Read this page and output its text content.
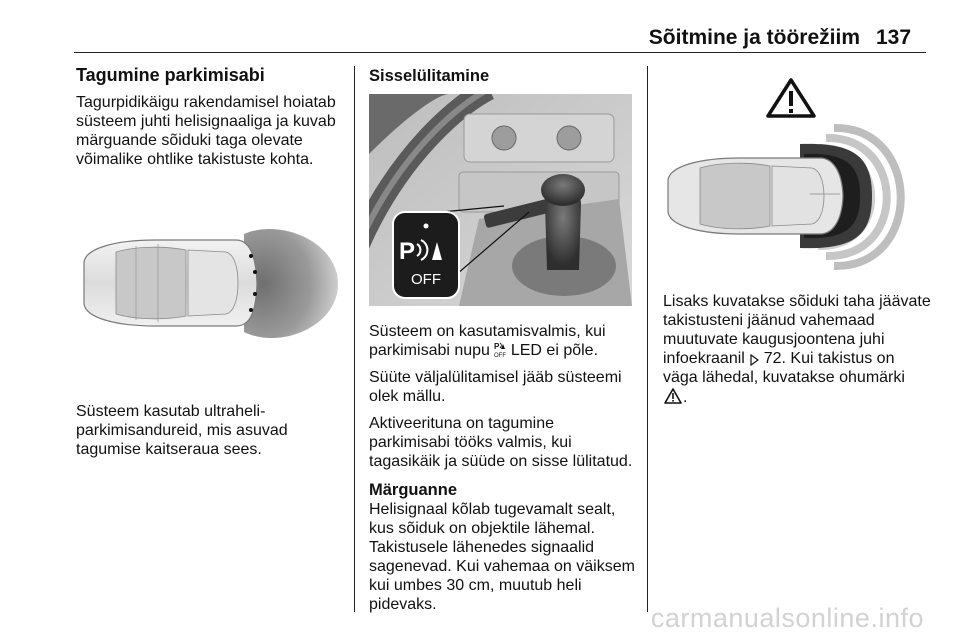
Sõitmine ja töörežiim 137
Tagumine parkimisabi

Tagurpidikäigu rakendamisel hoiatab
süsteem juhti helisignaaliga ja kuvab
märguande sõiduki taga olevate
võimalike ohtlike takistuste kohta.

Süsteem kasutab ultraheli-
parkimisandureid, mis asuvad
tagumise kaitseraua sees.

Sisselülitamine
P
OFF

Süsteem on kasutamisvalmis, kui
parkimisabi nupu P
OFF LED ei põle.

Süüte väljalülitamisel jääb süsteemi
olek mällu.

Aktiveerituna on tagumine
parkimisabi tööks valmis, kui
tagasikäik ja süüde on sisse lülitatud.

Märguanne

Helisignaal kõlab tugevamalt sealt,
kus sõiduk on objektile lähemal.
Takistusele lähenedes signaalid
sagenevad. Kui vahemaa on väiksem
kui umbes 30 cm, muutub heli
pidevaks.

Lisaks kuvatakse sõiduki taha jäävate
takistusteni jäänud vahemaad
muutuvate kaugusjoontena juhi
infoekraanil 72. Kui takistus on
väga lähedal, kuvatakse ohumärki
.

carmanualsonline.info
